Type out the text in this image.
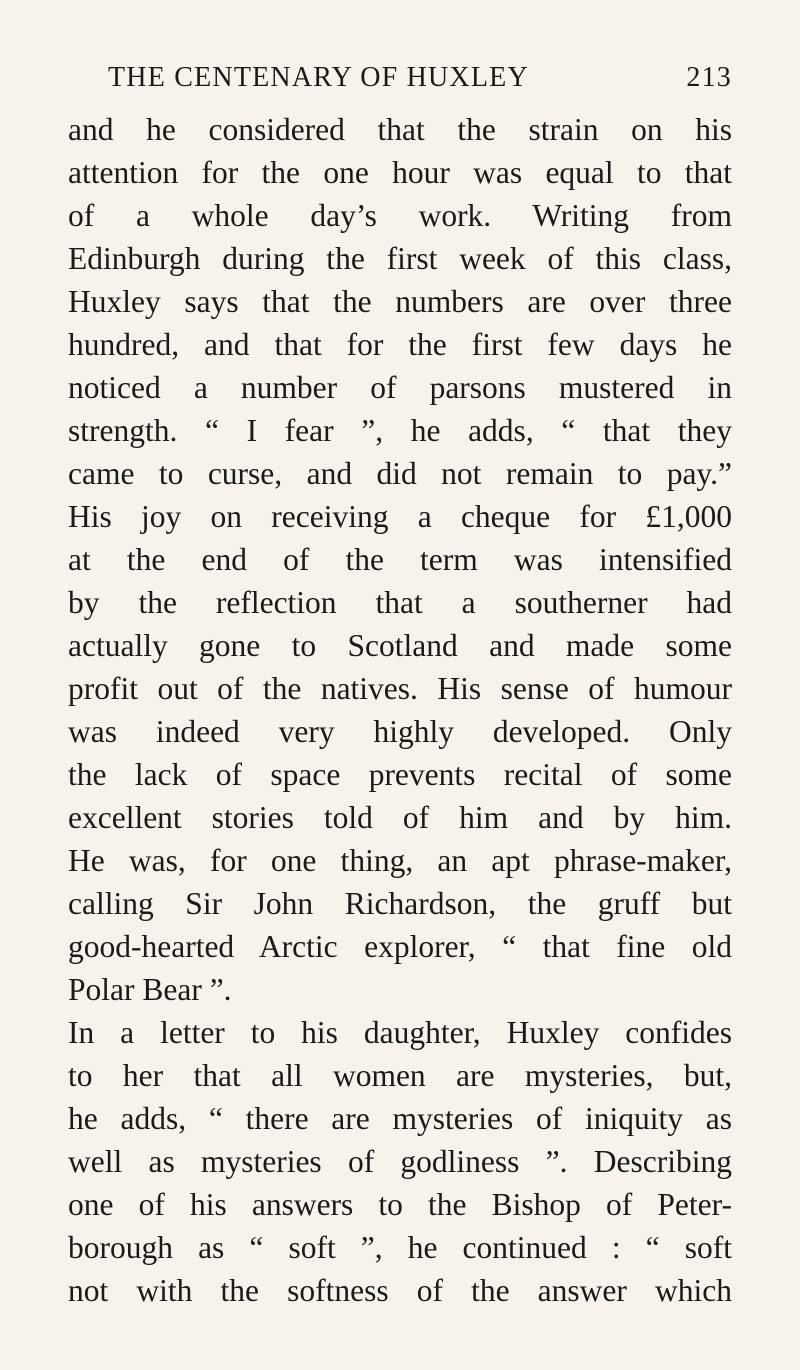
THE CENTENARY OF HUXLEY	213
and he considered that the strain on his
attention for the one hour was equal to that
of a whole day’s work. Writing from
Edinburgh during the first week of this class,
Huxley says that the numbers are over three
hundred, and that for the first few days he
noticed a number of parsons mustered in
strength. “ I fear ”, he adds, “ that they
came to curse, and did not remain to pay.”
His joy on receiving a cheque for £1,000
at the end of the term was intensified
by the reflection that a southerner had
actually gone to Scotland and made some
profit out of the natives. His sense of humour
was indeed very highly developed. Only
the lack of space prevents recital of some
excellent stories told of him and by him.
He was, for one thing, an apt phrase-maker,
calling Sir John Richardson, the gruff but
good-hearted Arctic explorer, “ that fine old
Polar Bear ”.
In a letter to his daughter, Huxley confides
to her that all women are mysteries, but,
he adds, “ there are mysteries of iniquity as
well as mysteries of godliness ”. Describing
one of his answers to the Bishop of Peter-
borough as “ soft ”, he continued : “ soft
not with the softness of the answer which
